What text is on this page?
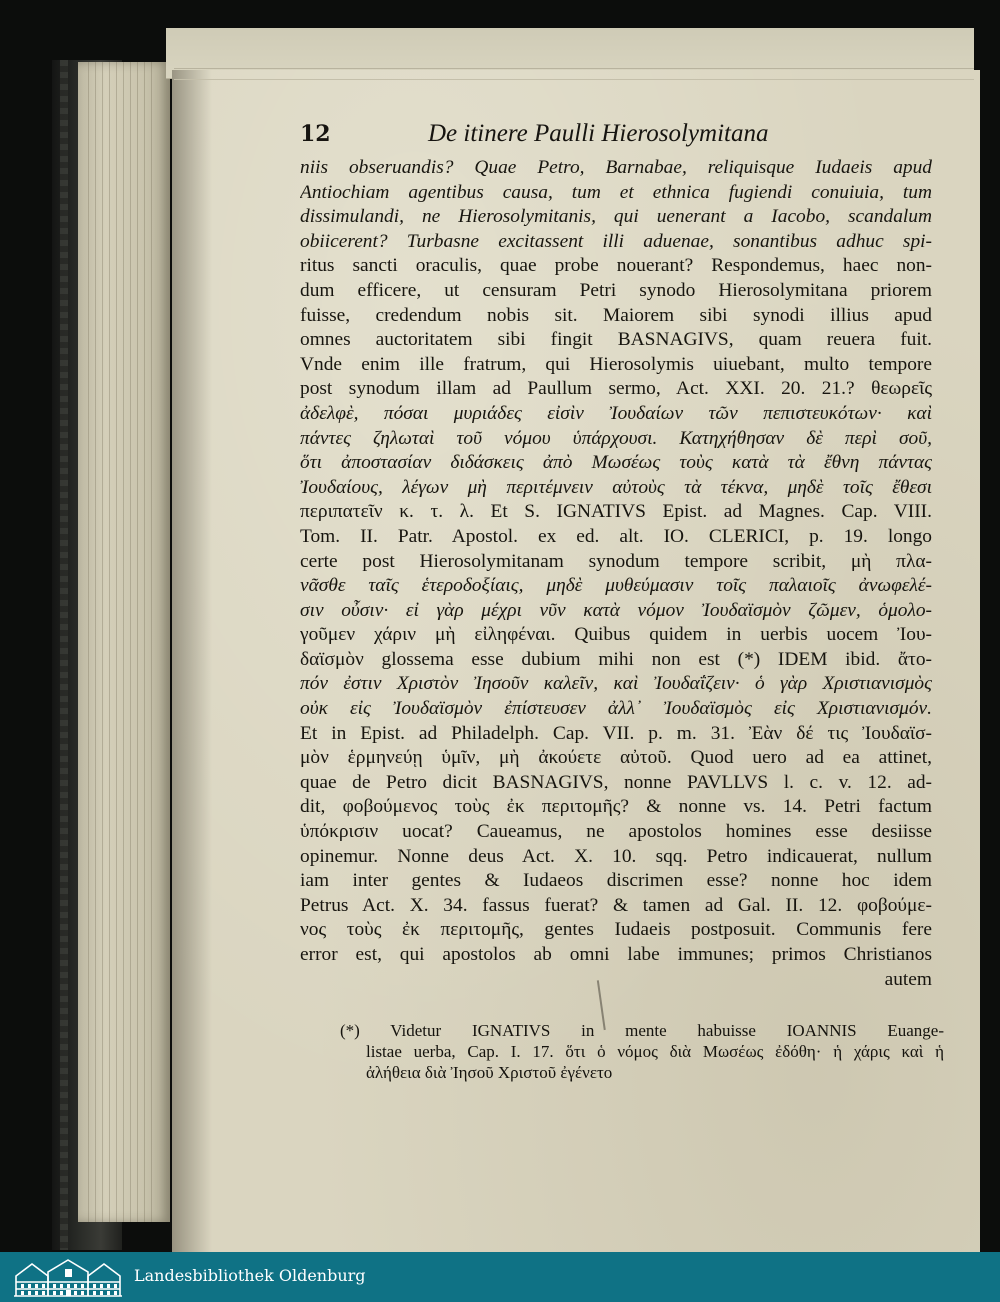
12	De itinere Paulli Hierosolymitana
niis obseruandis? Quae Petro, Barnabae, reliquisque Iudaeis apud
Antiochiam agentibus causa, tum et ethnica fugiendi conuiuia, tum
dissimulandi, ne Hierosolymitanis, qui uenerant a Iacobo, scandalum
obiicerent? Turbasne excitassent illi aduenae, sonantibus adhuc spi-
ritus sancti oraculis, quae probe nouerant? Respondemus, haec non-
dum efficere, ut censuram Petri synodo Hierosolymitana priorem
fuisse, credendum nobis sit. Maiorem sibi synodi illius apud
omnes auctoritatem sibi fingit BASNAGIVS, quam reuera fuit.
Vnde enim ille fratrum, qui Hierosolymis uiuebant, multo tempore
post synodum illam ad Paullum sermo, Act. XXI. 20. 21.? θεωρεῖς
ἀδελφὲ, πόσαι μυριάδες εἰσὶν Ἰουδαίων τῶν πεπιστευκότων· καὶ
πάντες ζηλωταὶ τοῦ νόμου ὑπάρχουσι. Κατηχήθησαν δὲ περὶ σοῦ,
ὅτι ἀποστασίαν διδάσκεις ἀπὸ Μωσέως τοὺς κατὰ τὰ ἔθνη πάντας
Ἰουδαίους, λέγων μὴ περιτέμνειν αὐτοὺς τὰ τέκνα, μηδὲ τοῖς ἔθεσι
περιπατεῖν κ. τ. λ. Et S. IGNATIVS Epist. ad Magnes. Cap. VIII.
Tom. II. Patr. Apostol. ex ed. alt. IO. CLERICI, p. 19. longo
certe post Hierosolymitanam synodum tempore scribit, μὴ πλα-
νᾶσθε ταῖς ἑτεροδοξίαις, μηδὲ μυθεύμασιν τοῖς παλαιοῖς ἀνωφελέ-
σιν οὖσιν· εἰ γὰρ μέχρι νῦν κατὰ νόμον Ἰουδαϊσμὸν ζῶμεν, ὁμολο-
γοῦμεν χάριν μὴ εἰληφέναι. Quibus quidem in uerbis uocem Ἰου-
δαϊσμὸν glossema esse dubium mihi non est (*) IDEM ibid. ἄτο-
πόν ἐστιν Χριστὸν Ἰησοῦν καλεῖν, καὶ Ἰουδαΐζειν· ὁ γὰρ Χριστιανισμὸς
οὐκ εἰς Ἰουδαϊσμὸν ἐπίστευσεν ἀλλ᾽ Ἰουδαϊσμὸς εἰς Χριστιανισμόν.
Et in Epist. ad Philadelph. Cap. VII. p. m. 31. Ἐὰν δέ τις Ἰουδαϊσ-
μὸν ἑρμηνεύῃ ὑμῖν, μὴ ἀκούετε αὐτοῦ. Quod uero ad ea attinet,
quae de Petro dicit BASNAGIVS, nonne PAVLLVS l. c. v. 12. ad-
dit, φοβούμενος τοὺς ἐκ περιτομῆς? & nonne vs. 14. Petri factum
ὑπόκρισιν uocat? Caueamus, ne apostolos homines esse desiisse
opinemur. Nonne deus Act. X. 10. sqq. Petro indicauerat, nullum
iam inter gentes & Iudaeos discrimen esse? nonne hoc idem
Petrus Act. X. 34. fassus fuerat? & tamen ad Gal. II. 12. φοβούμε-
νος τοὺς ἐκ περιτομῆς, gentes Iudaeis postposuit. Communis fere
error est, qui apostolos ab omni labe immunes; primos Christianos
autem
(*) Videtur IGNATIVS in mente habuisse IOANNIS Euange-
listae uerba, Cap. I. 17. ὅτι ὁ νόμος διὰ Μωσέως ἐδόθη· ἡ χάρις καὶ ἡ
ἀλήθεια διὰ Ἰησοῦ Χριστοῦ ἐγένετο
Landesbibliothek Oldenburg
